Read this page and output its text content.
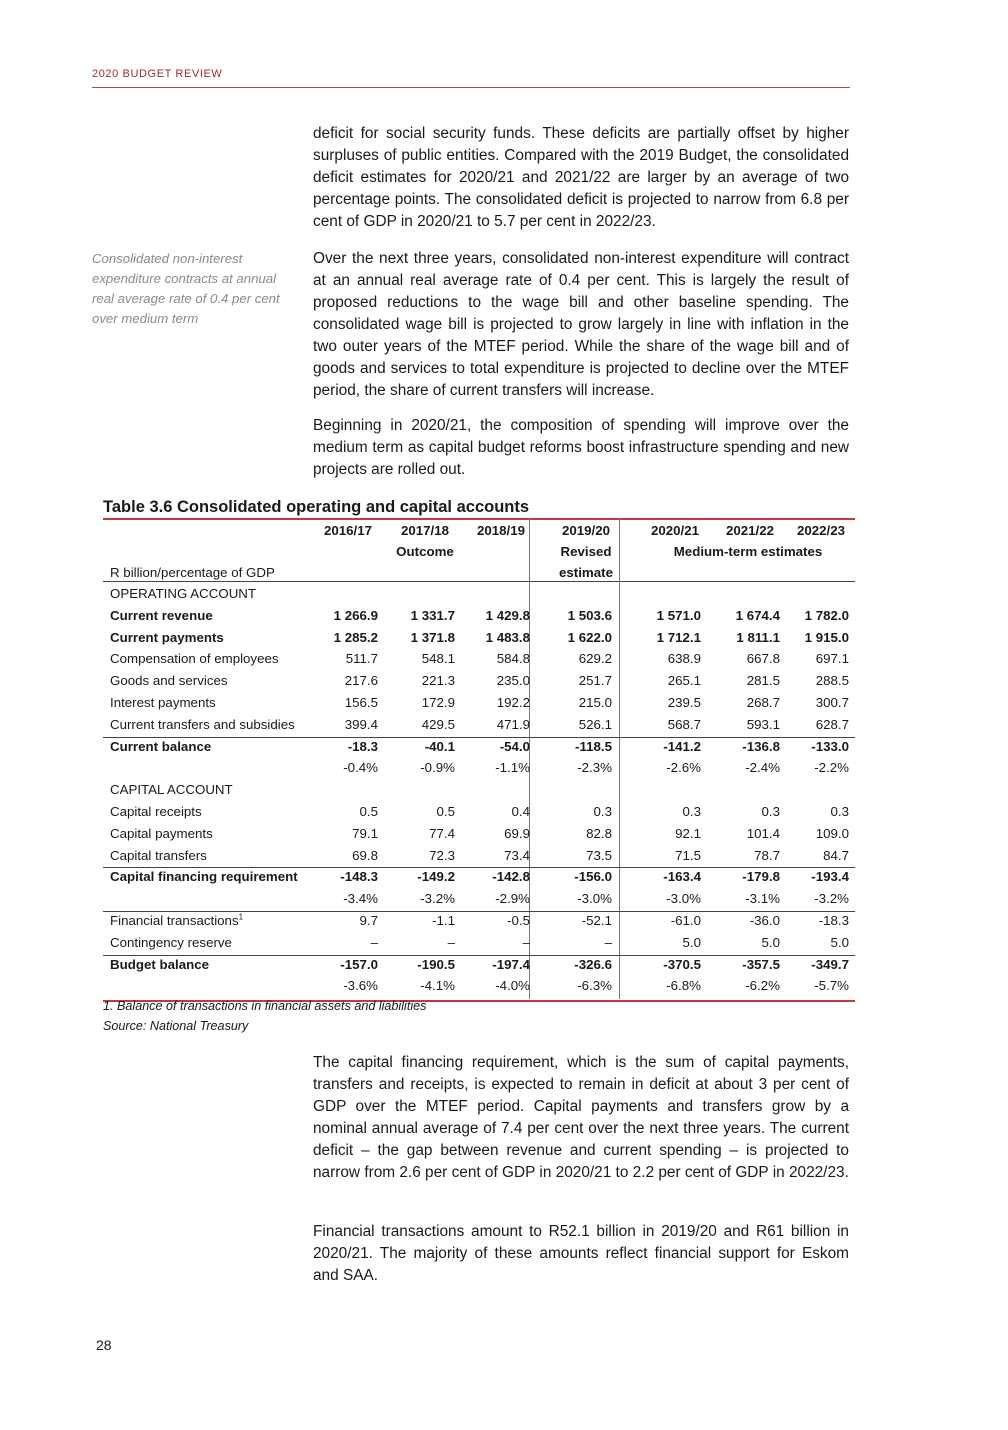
2020 BUDGET REVIEW

deficit for social security funds. These deficits are partially offset by higher surpluses of public entities. Compared with the 2019 Budget, the consolidated deficit estimates for 2020/21 and 2021/22 are larger by an average of two percentage points. The consolidated deficit is projected to narrow from 6.8 per cent of GDP in 2020/21 to 5.7 per cent in 2022/23.

Consolidated non-interest expenditure contracts at annual real average rate of 0.4 per cent over medium term

Over the next three years, consolidated non-interest expenditure will contract at an annual real average rate of 0.4 per cent. This is largely the result of proposed reductions to the wage bill and other baseline spending. The consolidated wage bill is projected to grow largely in line with inflation in the two outer years of the MTEF period. While the share of the wage bill and of goods and services to total expenditure is projected to decline over the MTEF period, the share of current transfers will increase.

Beginning in 2020/21, the composition of spending will improve over the medium term as capital budget reforms boost infrastructure spending and new projects are rolled out.

Table 3.6 Consolidated operating and capital accounts

2016/17	2017/18	2018/19	2019/20	2020/21	2021/22	2022/23
Outcome	Revised
estimate
Medium-term estimates
R billion/percentage of GDP
OPERATING ACCOUNT
Current revenue	1 266.9	1 331.7	1 429.8	1 503.6	1 571.0	1 674.4	1 782.0
Current payments	1 285.2	1 371.8	1 483.8	1 622.0	1 712.1	1 811.1	1 915.0
Compensation of employees	511.7	548.1	584.8	629.2	638.9	667.8	697.1
Goods and services	217.6	221.3	235.0	251.7	265.1	281.5	288.5
Interest payments	156.5	172.9	192.2	215.0	239.5	268.7	300.7
Current transfers and subsidies	399.4	429.5	471.9	526.1	568.7	593.1	628.7
Current balance	-18.3	-40.1	-54.0	-118.5	-141.2	-136.8	-133.0
-0.4%	-0.9%	-1.1%	-2.3%	-2.6%	-2.4%	-2.2%
CAPITAL ACCOUNT
Capital receipts	0.5	0.5	0.4	0.3	0.3	0.3	0.3
Capital payments	79.1	77.4	69.9	82.8	92.1	101.4	109.0
Capital transfers	69.8	72.3	73.4	73.5	71.5	78.7	84.7
Capital financing requirement	-148.3	-149.2	-142.8	-156.0	-163.4	-179.8	-193.4
-3.4%	-3.2%	-2.9%	-3.0%	-3.0%	-3.1%	-3.2%
Financial transactions$^1$	9.7	-1.1	-0.5	-52.1	-61.0	-36.0	-18.3
Contingency reserve	–	–	–	–	5.0	5.0	5.0
Budget balance	-157.0	-190.5	-197.4	-326.6	-370.5	-357.5	-349.7
-3.6%	-4.1%	-4.0%	-6.3%	-6.8%	-6.2%	-5.7%

1. Balance of transactions in financial assets and liabilities

Source: National Treasury

The capital financing requirement, which is the sum of capital payments, transfers and receipts, is expected to remain in deficit at about 3 per cent of GDP over the MTEF period. Capital payments and transfers grow by a nominal annual average of 7.4 per cent over the next three years. The current deficit – the gap between revenue and current spending – is projected to narrow from 2.6 per cent of GDP in 2020/21 to 2.2 per cent of GDP in 2022/23.

Financial transactions amount to R52.1 billion in 2019/20 and R61 billion in 2020/21. The majority of these amounts reflect financial support for Eskom and SAA.

28
